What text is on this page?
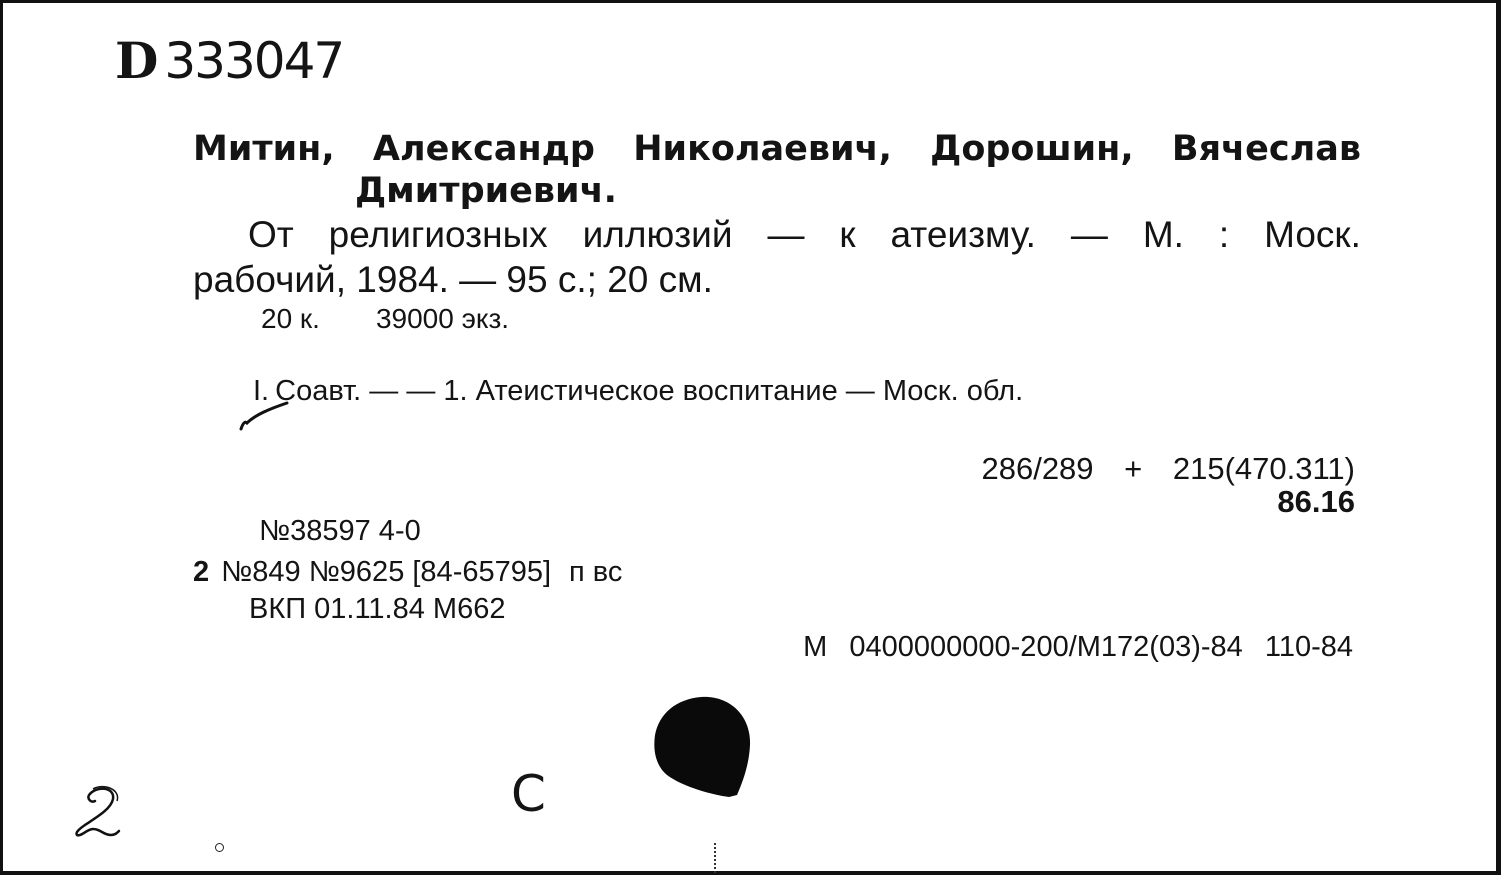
D 333047
Митин, Александр Николаевич, Дорошин, Вячеслав
Дмитриевич.
От религиозных иллюзий — к атеизму. — М. : Моск.
рабочий, 1984. — 95 с.; 20 см.
20 к. 39000 экз.
I. Соавт. — — 1. Атеистическое воспитание — Моск. обл.
286/289 + 215(470.311)
86.16
№38597 4-0
2 №849 №9625 [84-65795] п вс
ВКП 01.11.84 М662
М 0400000000-200/М172(03)-84 110-84
С
